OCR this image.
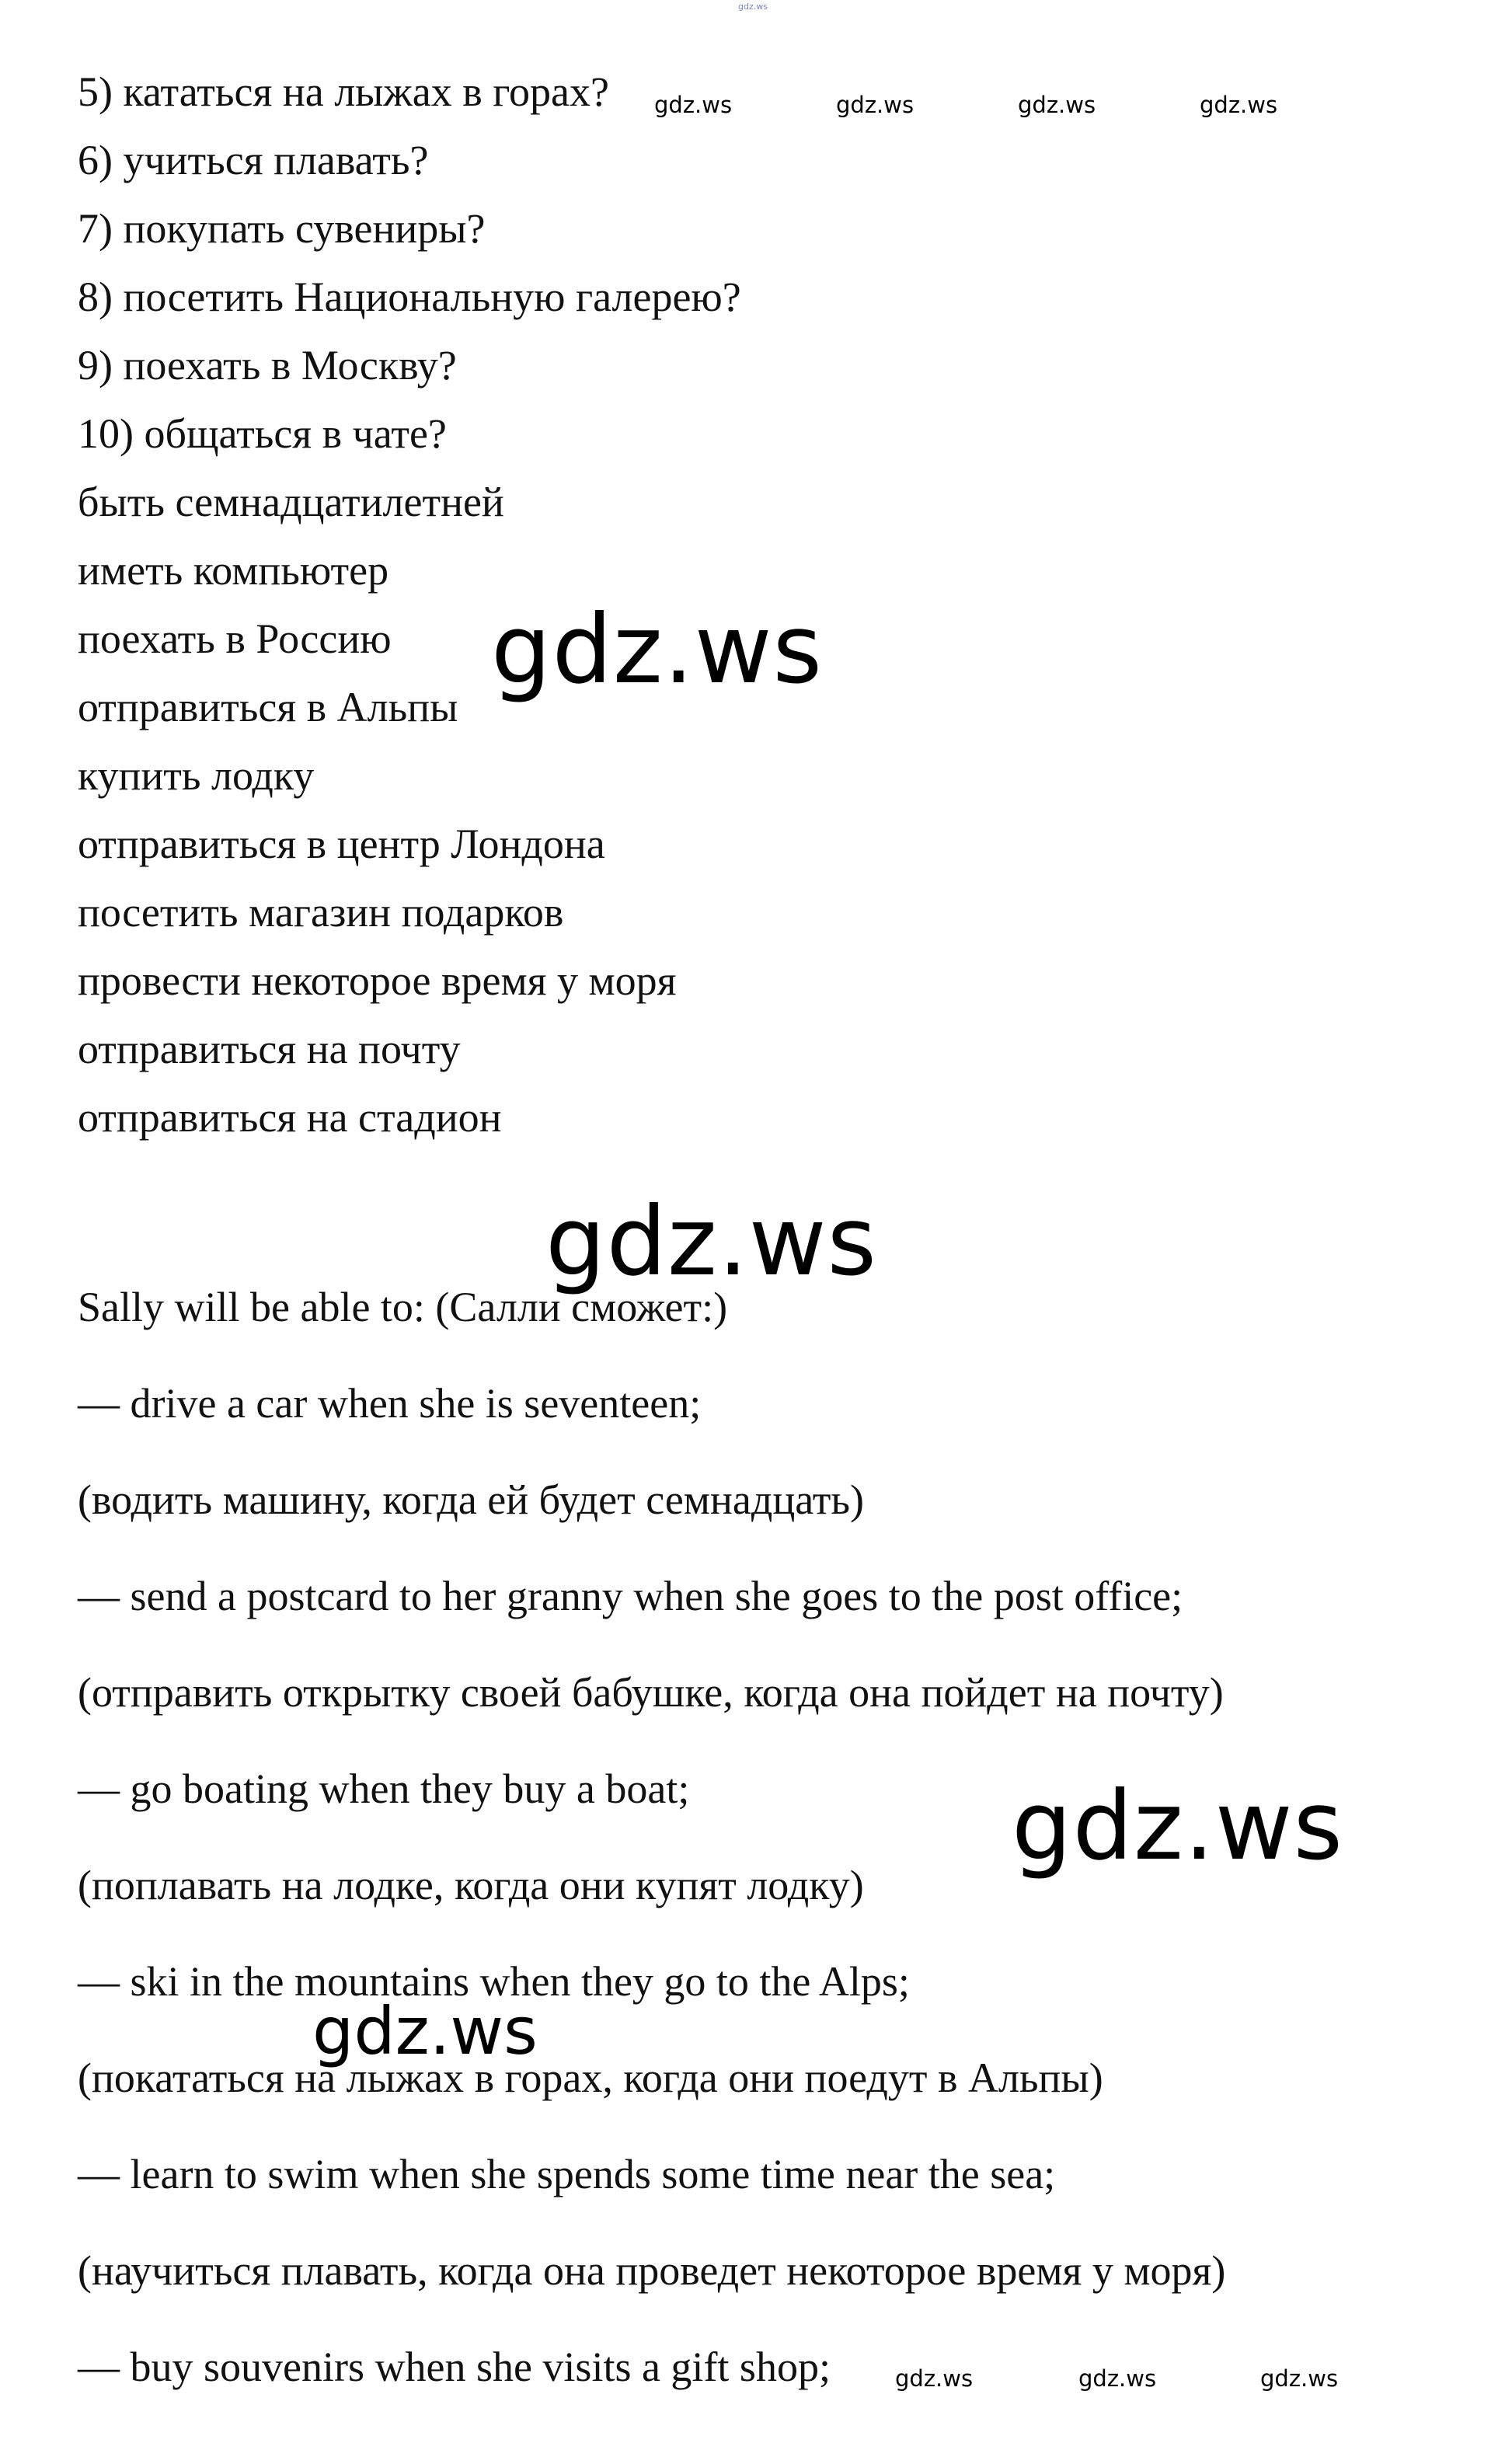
gdz.ws
5) кататься на лыжах в горах?
6) учиться плавать?
7) покупать сувениры?
8) посетить Национальную галерею?
9) поехать в Москву?
10) общаться в чате?
gdz.ws	gdz.ws	gdz.ws	gdz.ws
быть семнадцатилетней
иметь компьютер
поехать в Россию
отправиться в Альпы
купить лодку
отправиться в центр Лондона
посетить магазин подарков
провести некоторое время у моря
отправиться на почту
отправиться на стадион
gdz.ws
gdz.ws
gdz.ws
Sally will be able to: (Салли сможет:)
— drive a car when she is seventeen;
(водить машину, когда ей будет семнадцать)
— send a postcard to her granny when she goes to the post office;
(отправить открытку своей бабушке, когда она пойдет на почту)
— go boating when they buy a boat;
(поплавать на лодке, когда они купят лодку)
— ski in the mountains when they go to the Alps;
(покататься на лыжах в горах, когда они поедут в Альпы)
— learn to swim when she spends some time near the sea;
(научиться плавать, когда она проведет некоторое время у моря)
— buy souvenirs when she visits a gift shop;
gdz.ws
gdz.ws	gdz.ws	gdz.ws
